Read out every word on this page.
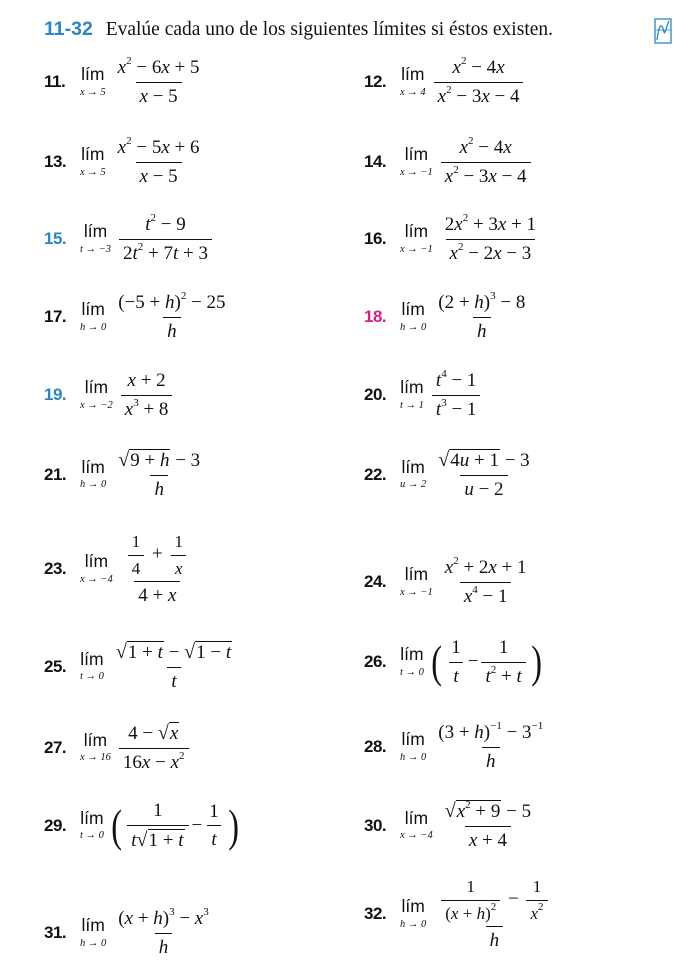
11-32 Evalúe cada uno de los siguientes límites si éstos existen.
11. lím
$x \to 5 \frac{x^2 - 6x + 5}{x - 5}$	12. lím
$x \to 4 \frac{x^2 - 4x}{x^2 - 3x - 4}$
13. lím
$x \to 5 \frac{x^2 - 5x + 6}{x - 5}$	14.	lím
$x \to -1 \frac{x^2 - 4x}{x^2 - 3x - 4}$
15.	lím
$t \to -3 \frac{t^2 - 9}{2t^2 + 7t + 3}$	16.	lím
$x \to -1 \frac{2x^2 + 3x + 1}{x^2 - 2x - 3}$
17. lím
$h \to 0 \frac{(-5 + h)^2 - 25}{h}$	18. lím
$h \to 0 \frac{(2 + h)^3 - 8}{h}$
19.	lím
$x \to -2 \frac{x + 2}{x^3 + 8}$	20. lím
$t \to 1 \frac{t^4 - 1}{t^3 - 1}$
21. lím
$h \to 0 \frac{√ 9 + h - 3}{h}$	22. lím
$u \to 2 \frac{√ 4u + 1 - 3}{u - 2}$
23.	lím
$x \to -4 \frac{\frac{1}{4} + \frac{1}{x}}{4 + x}$	24.	lím
$x \to -1 \frac{x^2 + 2x + 1}{x^4 - 1}$
25. lím
$t \to 0 \frac{√ 1 + t - √ 1 - t}{t}$	26. lím
t → 0 ( $\frac{1}{t} - \frac{1}{t^2 + t}$ )
27.	lím
$x \to 16 \frac{4 - √ x}{16x - x^2}$	28. lím
$h \to 0 \frac{(3 + h)^{-1} - 3^{-1}}{h}$
29. lím
t → 0 ( $\frac{1}{t √ 1 + t} - \frac{1}{t}$ )	30.	lím
$x \to -4 \frac{√ x^2 + 9 - 5}{x + 4}$
31. lím
$h \to 0 \frac{(x + h)^3 - x^3}{h}$	32. lím
$h \to 0 \frac{\frac{1}{(x + h)^2} - \frac{1}{x^2}}{h}$
